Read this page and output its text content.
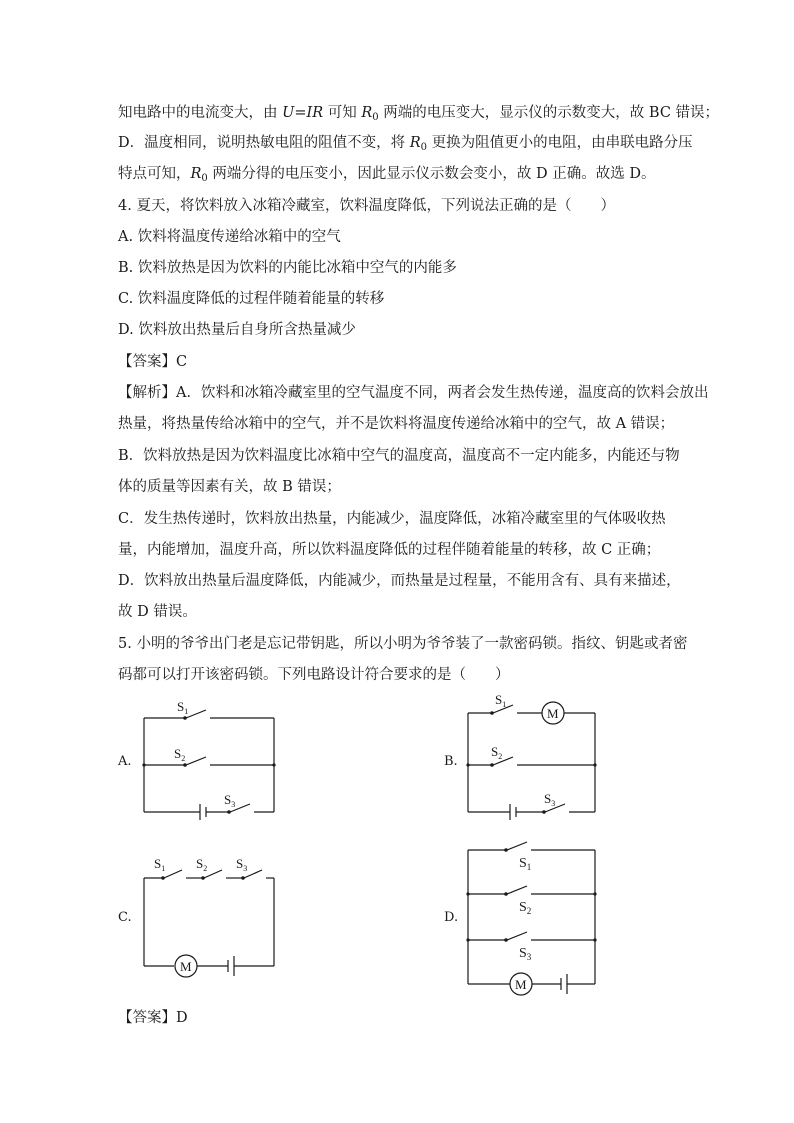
知电路中的电流变大，由 U=IR 可知 $R_0$ 两端的电压变大，显示仪的示数变大，故 BC 错误；
D．温度相同，说明热敏电阻的阻值不变，将 $R_0$ 更换为阻值更小的电阻，由串联电路分压
特点可知，$R_0$ 两端分得的电压变小，因此显示仪示数会变小，故 D 正确。故选 D。
4. 夏天，将饮料放入冰箱冷藏室，饮料温度降低，下列说法正确的是（　　）
A. 饮料将温度传递给冰箱中的空气
B. 饮料放热是因为饮料的内能比冰箱中空气的内能多
C. 饮料温度降低的过程伴随着能量的转移
D. 饮料放出热量后自身所含热量减少
【答案】C
【解析】A．饮料和冰箱冷藏室里的空气温度不同，两者会发生热传递，温度高的饮料会放出
热量，将热量传给冰箱中的空气，并不是饮料将温度传递给冰箱中的空气，故 A 错误；
B．饮料放热是因为饮料温度比冰箱中空气的温度高，温度高不一定内能多，内能还与物
体的质量等因素有关，故 B 错误；
C．发生热传递时，饮料放出热量，内能减少，温度降低，冰箱冷藏室里的气体吸收热
量，内能增加，温度升高，所以饮料温度降低的过程伴随着能量的转移，故 C 正确；
D．饮料放出热量后温度降低，内能减少，而热量是过程量，不能用含有、具有来描述，
故 D 错误。
5. 小明的爷爷出门老是忘记带钥匙，所以小明为爷爷装了一款密码锁。指纹、钥匙或者密
码都可以打开该密码锁。下列电路设计符合要求的是（　　）
A.	B.
C.	D.
$S_1$
$S_2$
$S_3$
M
$S_1$
$S_2$
$S_3$
M
$S_1$ $S_2$ $S_3$
M
$S_1$
$S_2$
$S_3$
【答案】D
